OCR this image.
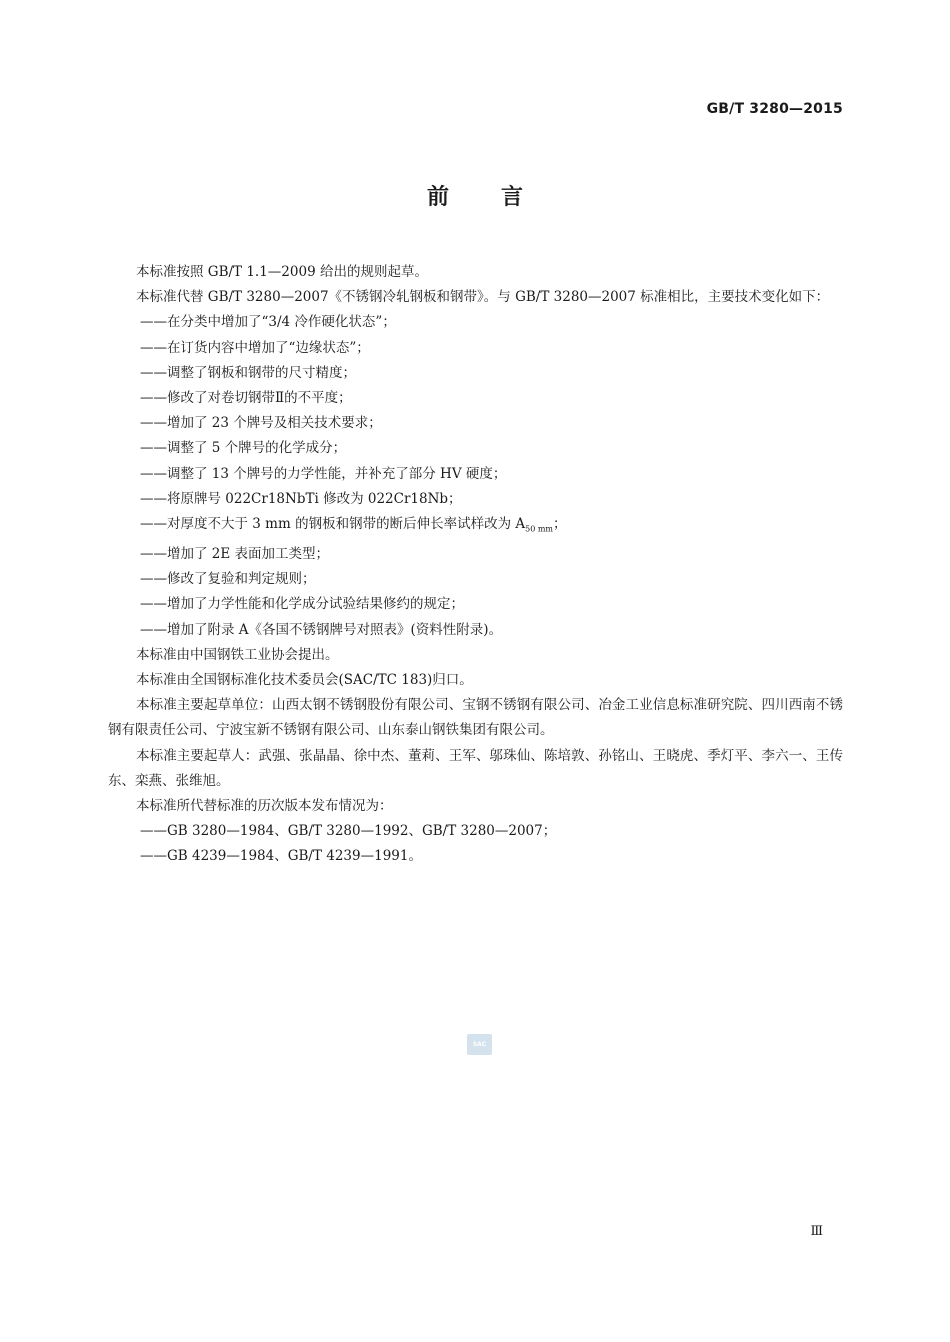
GB/T 3280—2015
前言

本标准按照 GB/T 1.1—2009 给出的规则起草。

本标准代替 GB/T 3280—2007《不锈钢冷轧钢板和钢带》。与 GB/T 3280—2007 标准相比，主要技术变化如下：

——在分类中增加了“3/4 冷作硬化状态”；

——在订货内容中增加了“边缘状态”；

——调整了钢板和钢带的尺寸精度；

——修改了对卷切钢带Ⅱ的不平度；

——增加了 23 个牌号及相关技术要求；

——调整了 5 个牌号的化学成分；

——调整了 13 个牌号的力学性能，并补充了部分 HV 硬度；

——将原牌号 022Cr18NbTi 修改为 022Cr18Nb；

——对厚度不大于 3 mm 的钢板和钢带的断后伸长率试样改为 $A_{50 mm}$；

——增加了 2E 表面加工类型；

——修改了复验和判定规则；

——增加了力学性能和化学成分试验结果修约的规定；

——增加了附录 A《各国不锈钢牌号对照表》(资料性附录)。

本标准由中国钢铁工业协会提出。

本标准由全国钢标准化技术委员会(SAC/TC 183)归口。

本标准主要起草单位：山西太钢不锈钢股份有限公司、宝钢不锈钢有限公司、冶金工业信息标准研究院、四川西南不锈钢有限责任公司、宁波宝新不锈钢有限公司、山东泰山钢铁集团有限公司。

本标准主要起草人：武强、张晶晶、徐中杰、董莉、王军、邬珠仙、陈培敦、孙铭山、王晓虎、季灯平、李六一、王传东、栾燕、张维旭。

本标准所代替标准的历次版本发布情况为：

——GB 3280—1984、GB/T 3280—1992、GB/T 3280—2007；

——GB 4239—1984、GB/T 4239—1991。

SAC
Ⅲ
